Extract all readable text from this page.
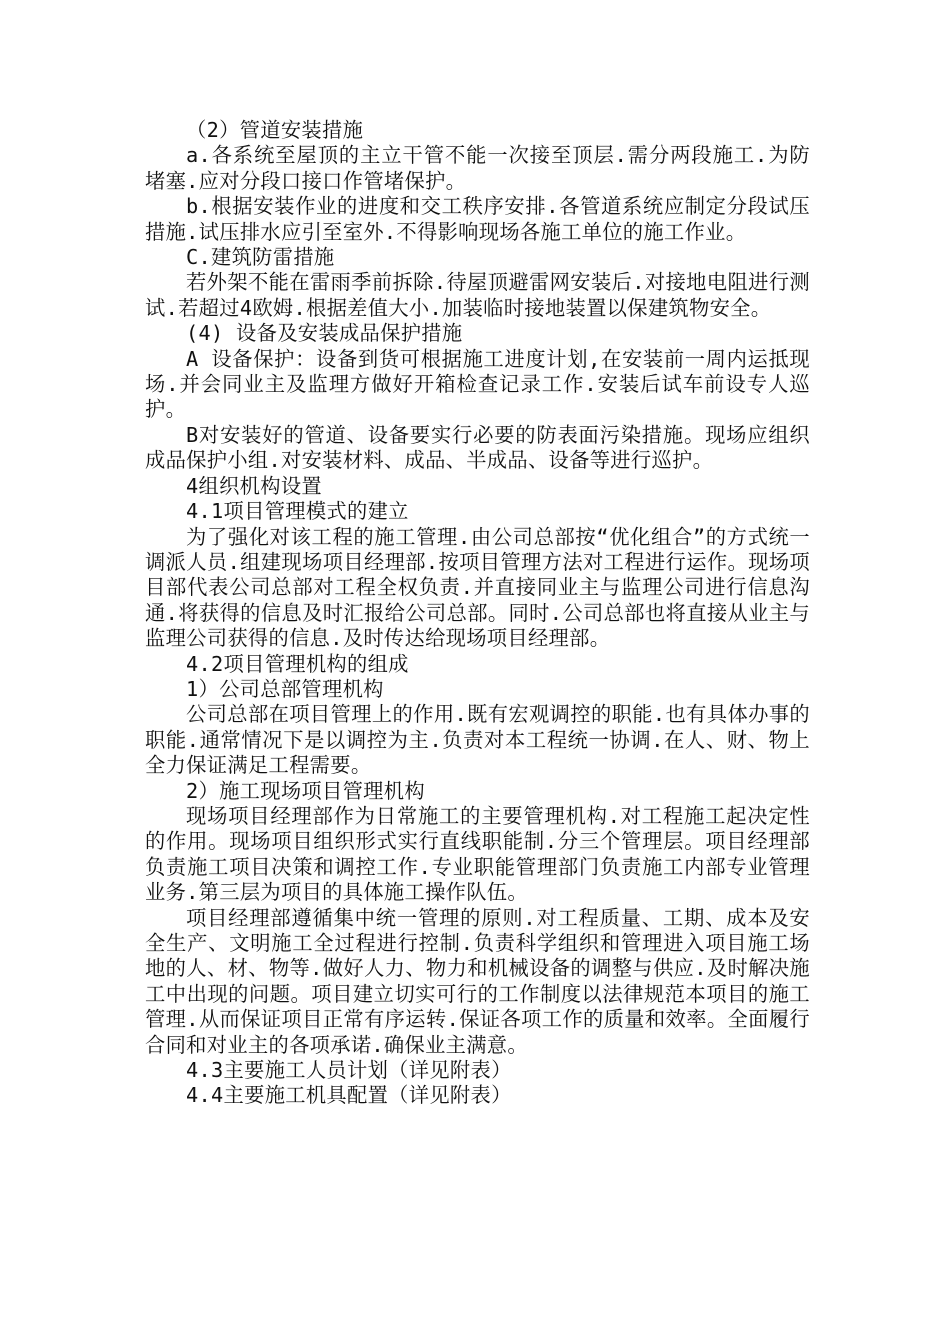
（2）管道安装措施

a.各系统至屋顶的主立干管不能一次接至顶层.需分两段施工.为防堵塞.应对分段口接口作管堵保护。

b.根据安装作业的进度和交工秩序安排.各管道系统应制定分段试压措施.试压排水应引至室外.不得影响现场各施工单位的施工作业。

C.建筑防雷措施

若外架不能在雷雨季前拆除.待屋顶避雷网安装后.对接地电阻进行测试.若超过4欧姆.根据差值大小.加装临时接地装置以保建筑物安全。

(4) 设备及安装成品保护措施

A 设备保护：设备到货可根据施工进度计划,在安装前一周内运抵现场.并会同业主及监理方做好开箱检查记录工作.安装后试车前设专人巡护。

B对安装好的管道、设备要实行必要的防表面污染措施。现场应组织成品保护小组.对安装材料、成品、半成品、设备等进行巡护。

4组织机构设置

4.1项目管理模式的建立

为了强化对该工程的施工管理.由公司总部按“优化组合”的方式统一调派人员.组建现场项目经理部.按项目管理方法对工程进行运作。现场项目部代表公司总部对工程全权负责.并直接同业主与监理公司进行信息沟通.将获得的信息及时汇报给公司总部。同时.公司总部也将直接从业主与监理公司获得的信息.及时传达给现场项目经理部。

4.2项目管理机构的组成

1）公司总部管理机构

公司总部在项目管理上的作用.既有宏观调控的职能.也有具体办事的职能.通常情况下是以调控为主.负责对本工程统一协调.在人、财、物上全力保证满足工程需要。

2）施工现场项目管理机构

现场项目经理部作为日常施工的主要管理机构.对工程施工起决定性的作用。现场项目组织形式实行直线职能制.分三个管理层。项目经理部负责施工项目决策和调控工作.专业职能管理部门负责施工内部专业管理业务.第三层为项目的具体施工操作队伍。

项目经理部遵循集中统一管理的原则.对工程质量、工期、成本及安全生产、文明施工全过程进行控制.负责科学组织和管理进入项目施工场地的人、材、物等.做好人力、物力和机械设备的调整与供应.及时解决施工中出现的问题。项目建立切实可行的工作制度以法律规范本项目的施工管理.从而保证项目正常有序运转.保证各项工作的质量和效率。全面履行合同和对业主的各项承诺.确保业主满意。

4.3主要施工人员计划（详见附表）

4.4主要施工机具配置（详见附表）
